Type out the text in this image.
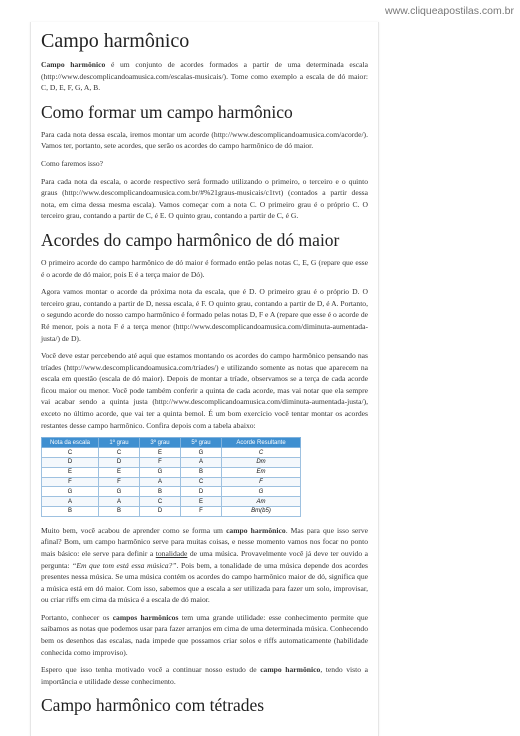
www.cliqueapostilas.com.br
Campo harmônico

Campo harmônico é um conjunto de acordes formados a partir de uma determinada escala (http://www.descomplicandoamusica.com/escalas-musicais/). Tome como exemplo a escala de dó maior: C, D, E, F, G, A, B.

Como formar um campo harmônico

Para cada nota dessa escala, iremos montar um acorde (http://www.descomplicandoamusica.com/acorde/). Vamos ter, portanto, sete acordes, que serão os acordes do campo harmônico de dó maior.

Como faremos isso?

Para cada nota da escala, o acorde respectivo será formado utilizando o primeiro, o terceiro e o quinto graus (http://www.descomplicandoamusica.com.br/#%21graus-musicais/c1tvt) (contados a partir dessa nota, em cima dessa mesma escala). Vamos começar com a nota C. O primeiro grau é o próprio C. O terceiro grau, contando a partir de C, é E. O quinto grau, contando a partir de C, é G.

Acordes do campo harmônico de dó maior

O primeiro acorde do campo harmônico de dó maior é formado então pelas notas C, E, G (repare que esse é o acorde de dó maior, pois E é a terça maior de Dó).

Agora vamos montar o acorde da próxima nota da escala, que é D. O primeiro grau é o próprio D. O terceiro grau, contando a partir de D, nessa escala, é F. O quinto grau, contando a partir de D, é A. Portanto, o segundo acorde do nosso campo harmônico é formado pelas notas D, F e A (repare que esse é o acorde de Ré menor, pois a nota F é a terça menor (http://www.descomplicandoamusica.com/diminuta-aumentada-justa/) de D).

Você deve estar percebendo até aqui que estamos montando os acordes do campo harmônico pensando nas tríades (http://www.descomplicandoamusica.com/triades/) e utilizando somente as notas que aparecem na escala em questão (escala de dó maior). Depois de montar a tríade, observamos se a terça de cada acorde ficou maior ou menor. Você pode também conferir a quinta de cada acorde, mas vai notar que ela sempre vai acabar sendo a quinta justa (http://www.descomplicandoamusica.com/diminuta-aumentada-justa/), exceto no último acorde, que vai ter a quinta bemol. É um bom exercício você tentar montar os acordes restantes desse campo harmônico. Confira depois com a tabela abaixo:

Nota da escala	1º grau	3º grau	5º grau	Acorde Resultante
C	C	E	G	C
D	D	F	A	Dm
E	E	G	B	Em
F	F	A	C	F
G	G	B	D	G
A	A	C	E	Am
B	B	D	F	Bm(b5)

Muito bem, você acabou de aprender como se forma um campo harmônico. Mas para que isso serve afinal? Bom, um campo harmônico serve para muitas coisas, e nesse momento vamos nos focar no ponto mais básico: ele serve para definir a tonalidade de uma música. Provavelmente você já deve ter ouvido a pergunta: “Em que tom está essa música?”. Pois bem, a tonalidade de uma música depende dos acordes presentes nessa música. Se uma música contém os acordes do campo harmônico maior de dó, significa que a música está em dó maior. Com isso, sabemos que a escala a ser utilizada para fazer um solo, improvisar, ou criar riffs em cima da música é a escala de dó maior.

Portanto, conhecer os campos harmônicos tem uma grande utilidade: esse conhecimento permite que saibamos as notas que podemos usar para fazer arranjos em cima de uma determinada música. Conhecendo bem os desenhos das escalas, nada impede que possamos criar solos e riffs automaticamente (habilidade conhecida como improviso).

Espero que isso tenha motivado você a continuar nosso estudo de campo harmônico, tendo visto a importância e utilidade desse conhecimento.

Campo harmônico com tétrades
